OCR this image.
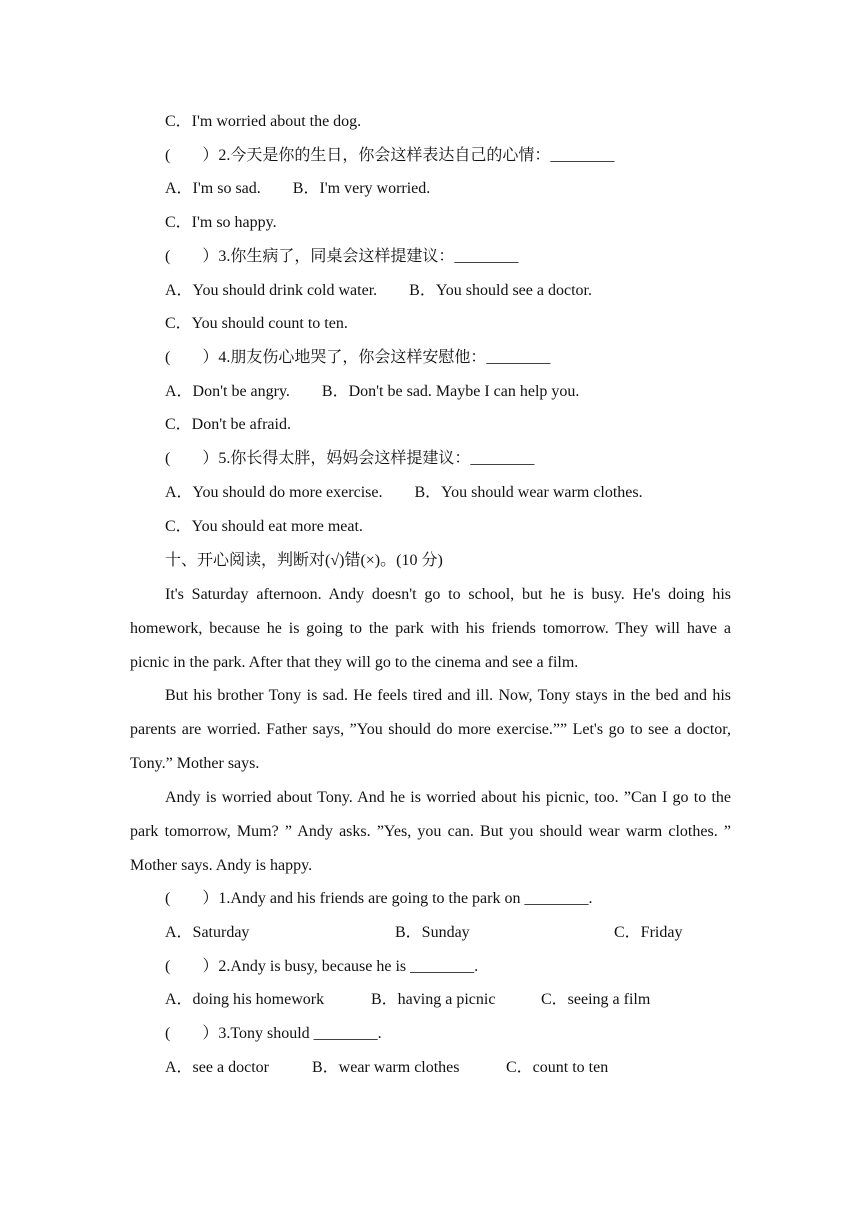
C．I'm worried about the dog.
(        ）2.今天是你的生日，你会这样表达自己的心情：________
A．I'm so sad.        B．I'm very worried.
C．I'm so happy.
(        ）3.你生病了，同桌会这样提建议：________
A．You should drink cold water.        B．You should see a doctor.
C．You should count to ten.
(        ）4.朋友伤心地哭了，你会这样安慰他：________
A．Don't be angry.        B．Don't be sad. Maybe I can help you.
C．Don't be afraid.
(        ）5.你长得太胖，妈妈会这样提建议：________
A．You should do more exercise.        B．You should wear warm clothes.
C．You should eat more meat.
十、开心阅读，判断对(√)错(×)。(10 分)
It's Saturday afternoon. Andy doesn't go to school, but he is busy. He's doing his homework, because he is going to the park with his friends tomorrow. They will have a picnic in the park. After that they will go to the cinema and see a film.
But his brother Tony is sad. He feels tired and ill. Now, Tony stays in the bed and his parents are worried. Father says, ”You should do more exercise.”” Let's go to see a doctor, Tony.” Mother says.
Andy is worried about Tony. And he is worried about his picnic, too. ”Can I go to the park tomorrow, Mum? ” Andy asks. ”Yes, you can. But you should wear warm clothes. ” Mother says. Andy is happy.
(        ）1.Andy and his friends are going to the park on ________.
A．Saturday	B．Sunday	C．Friday
(        ）2.Andy is busy, because he is ________.
A．doing his homework	B．having a picnic	C．seeing a film
(        ）3.Tony should ________.
A．see a doctor	B．wear warm clothes	C．count to ten
